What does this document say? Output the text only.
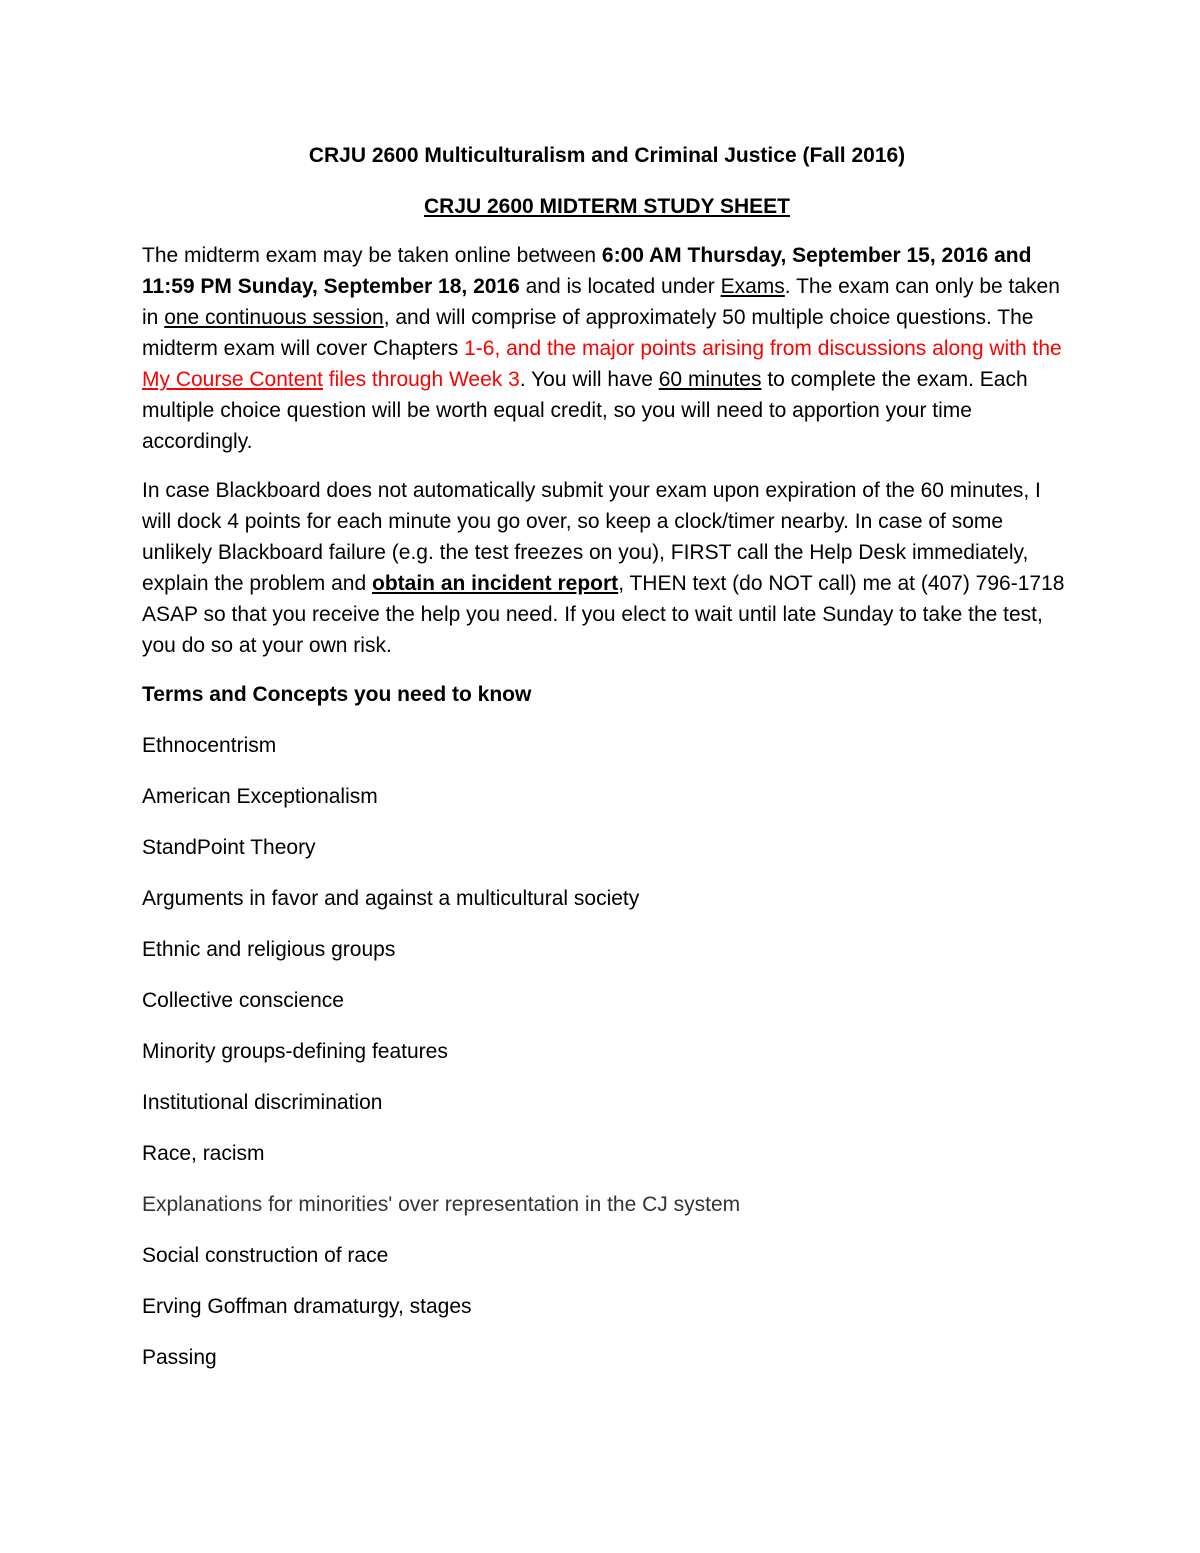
CRJU 2600 Multiculturalism and Criminal Justice (Fall 2016)
CRJU 2600 MIDTERM STUDY SHEET

The midterm exam may be taken online between 6:00 AM Thursday, September 15, 2016 and 11:59 PM Sunday, September 18, 2016 and is located under Exams. The exam can only be taken in one continuous session, and will comprise of approximately 50 multiple choice questions. The midterm exam will cover Chapters 1-6, and the major points arising from discussions along with the My Course Content files through Week 3. You will have 60 minutes to complete the exam. Each multiple choice question will be worth equal credit, so you will need to apportion your time accordingly.

In case Blackboard does not automatically submit your exam upon expiration of the 60 minutes, I will dock 4 points for each minute you go over, so keep a clock/timer nearby. In case of some unlikely Blackboard failure (e.g. the test freezes on you), FIRST call the Help Desk immediately, explain the problem and obtain an incident report, THEN text (do NOT call) me at (407) 796-1718 ASAP so that you receive the help you need. If you elect to wait until late Sunday to take the test, you do so at your own risk.

Terms and Concepts you need to know
Ethnocentrism
American Exceptionalism
StandPoint Theory
Arguments in favor and against a multicultural society
Ethnic and religious groups
Collective conscience
Minority groups-defining features
Institutional discrimination
Race, racism
Explanations for minorities' over representation in the CJ system
Social construction of race
Erving Goffman dramaturgy, stages
Passing
